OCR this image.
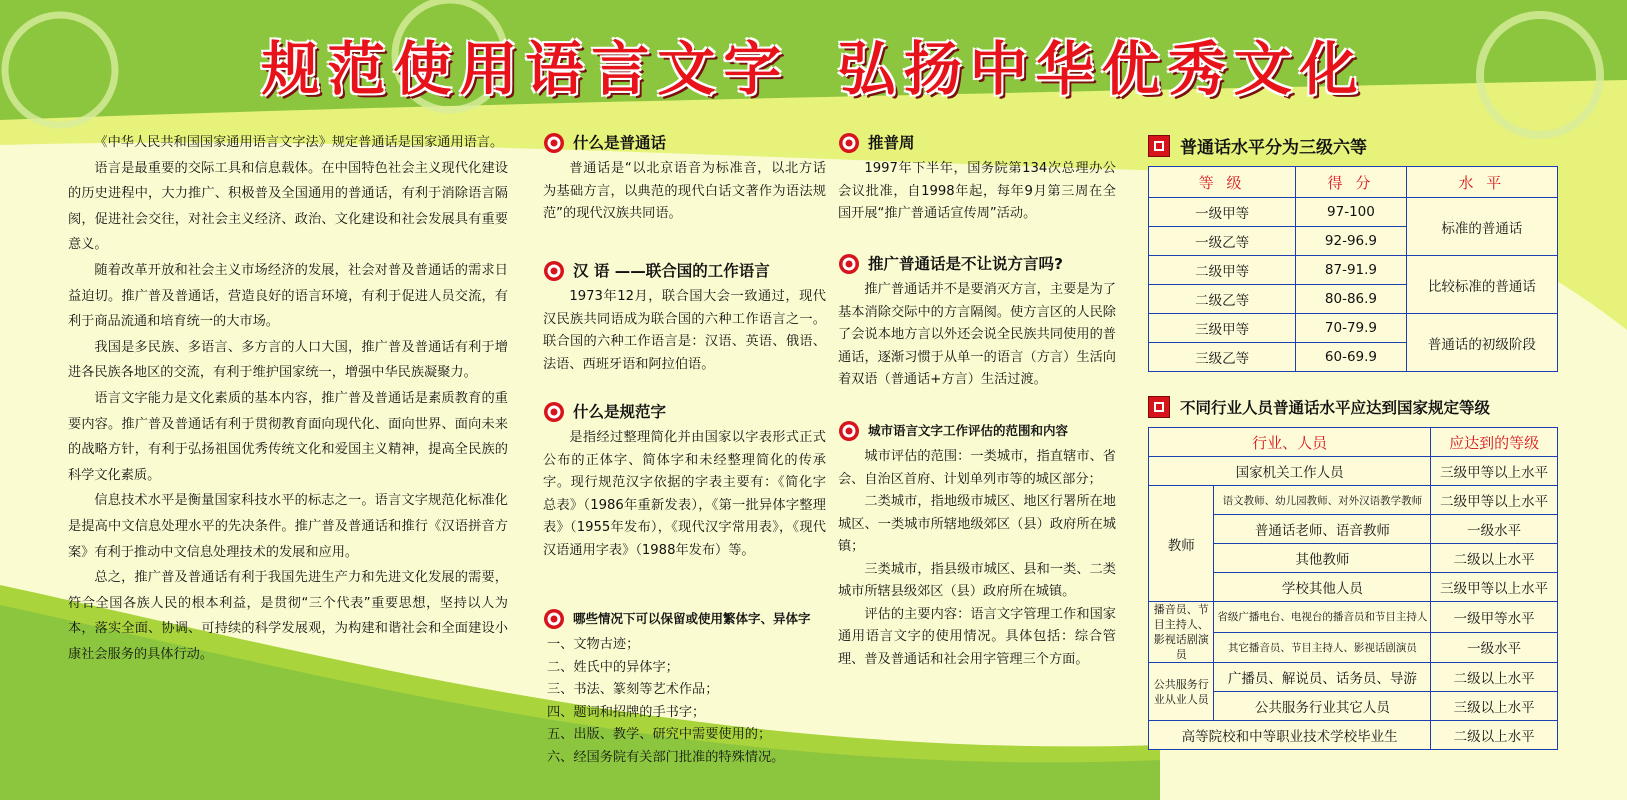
规范使用语言文字 弘扬中华优秀文化

《中华人民共和国国家通用语言文字法》规定普通话是国家通用语言。

语言是最重要的交际工具和信息载体。在中国特色社会主义现代化建设的历史进程中，大力推广、积极普及全国通用的普通话，有利于消除语言隔阂，促进社会交往，对社会主义经济、政治、文化建设和社会发展具有重要意义。

随着改革开放和社会主义市场经济的发展，社会对普及普通话的需求日益迫切。推广普及普通话，营造良好的语言环境，有利于促进人员交流，有利于商品流通和培育统一的大市场。

我国是多民族、多语言、多方言的人口大国，推广普及普通话有利于增进各民族各地区的交流，有利于维护国家统一，增强中华民族凝聚力。

语言文字能力是文化素质的基本内容，推广普及普通话是素质教育的重要内容。推广普及普通话有利于贯彻教育面向现代化、面向世界、面向未来的战略方针，有利于弘扬祖国优秀传统文化和爱国主义精神，提高全民族的科学文化素质。

信息技术水平是衡量国家科技水平的标志之一。语言文字规范化标准化是提高中文信息处理水平的先决条件。推广普及普通话和推行《汉语拼音方案》有利于推动中文信息处理技术的发展和应用。

总之，推广普及普通话有利于我国先进生产力和先进文化发展的需要，符合全国各族人民的根本利益，是贯彻“三个代表”重要思想，坚持以人为本，落实全面、协调、可持续的科学发展观，为构建和谐社会和全面建设小康社会服务的具体行动。

什么是普通话

普通话是“以北京语音为标准音，以北方话为基础方言，以典范的现代白话文著作为语法规范”的现代汉族共同语。

汉 语 ——联合国的工作语言

1973年12月，联合国大会一致通过，现代汉民族共同语成为联合国的六种工作语言之一。联合国的六种工作语言是：汉语、英语、俄语、法语、西班牙语和阿拉伯语。

什么是规范字

是指经过整理简化并由国家以字表形式正式公布的正体字、简体字和未经整理简化的传承字。现行规范汉字依据的字表主要有：《简化字总表》（1986年重新发表），《第一批异体字整理表》（1955年发布），《现代汉字常用表》，《现代汉语通用字表》（1988年发布）等。

哪些情况下可以保留或使用繁体字、异体字
一、文物古迹；
二、姓氏中的异体字；
三、书法、篆刻等艺术作品；
四、题词和招牌的手书字；
五、出版、教学、研究中需要使用的；
六、经国务院有关部门批准的特殊情况。
推普周

1997年下半年，国务院第134次总理办公会议批准，自1998年起，每年9月第三周在全国开展“推广普通话宣传周”活动。

推广普通话是不让说方言吗?

推广普通话并不是要消灭方言，主要是为了基本消除交际中的方言隔阂。使方言区的人民除了会说本地方言以外还会说全民族共同使用的普通话，逐渐习惯于从单一的语言（方言）生活向着双语（普通话+方言）生活过渡。

城市语言文字工作评估的范围和内容

城市评估的范围：一类城市，指直辖市、省会、自治区首府、计划单列市等的城区部分；

二类城市，指地级市城区、地区行署所在地城区、一类城市所辖地级郊区（县）政府所在城镇；

三类城市，指县级市城区、县和一类、二类城市所辖县级郊区（县）政府所在城镇。

评估的主要内容：语言文字管理工作和国家通用语言文字的使用情况。具体包括：综合管理、普及普通话和社会用字管理三个方面。

普通话水平分为三级六等
等 级	得 分	水 平
一级甲等	97-100	标准的普通话
一级乙等	92-96.9	
二级甲等	87-91.9	比较标准的普通话
二级乙等	80-86.9	
三级甲等	70-79.9	普通话的初级阶段
三级乙等	60-69.9	
不同行业人员普通话水平应达到国家规定等级
行业、人员		应达到的等级
国家机关工作人员		三级甲等以上水平
教师	语文教师、幼儿园教师、对外汉语教学教师	二级甲等以上水平
	普通话老师、语音教师	一级水平
	其他教师	二级以上水平
	学校其他人员	三级甲等以上水平
播音员、节目主持人、影视话剧演员	省级广播电台、电视台的播音员和节目主持人	一级甲等水平
	其它播音员、节目主持人、影视话剧演员	一级水平
公共服务行业从业人员	广播员、解说员、话务员、导游	二级以上水平
	公共服务行业其它人员	三级以上水平
高等院校和中等职业技术学校毕业生		二级以上水平
